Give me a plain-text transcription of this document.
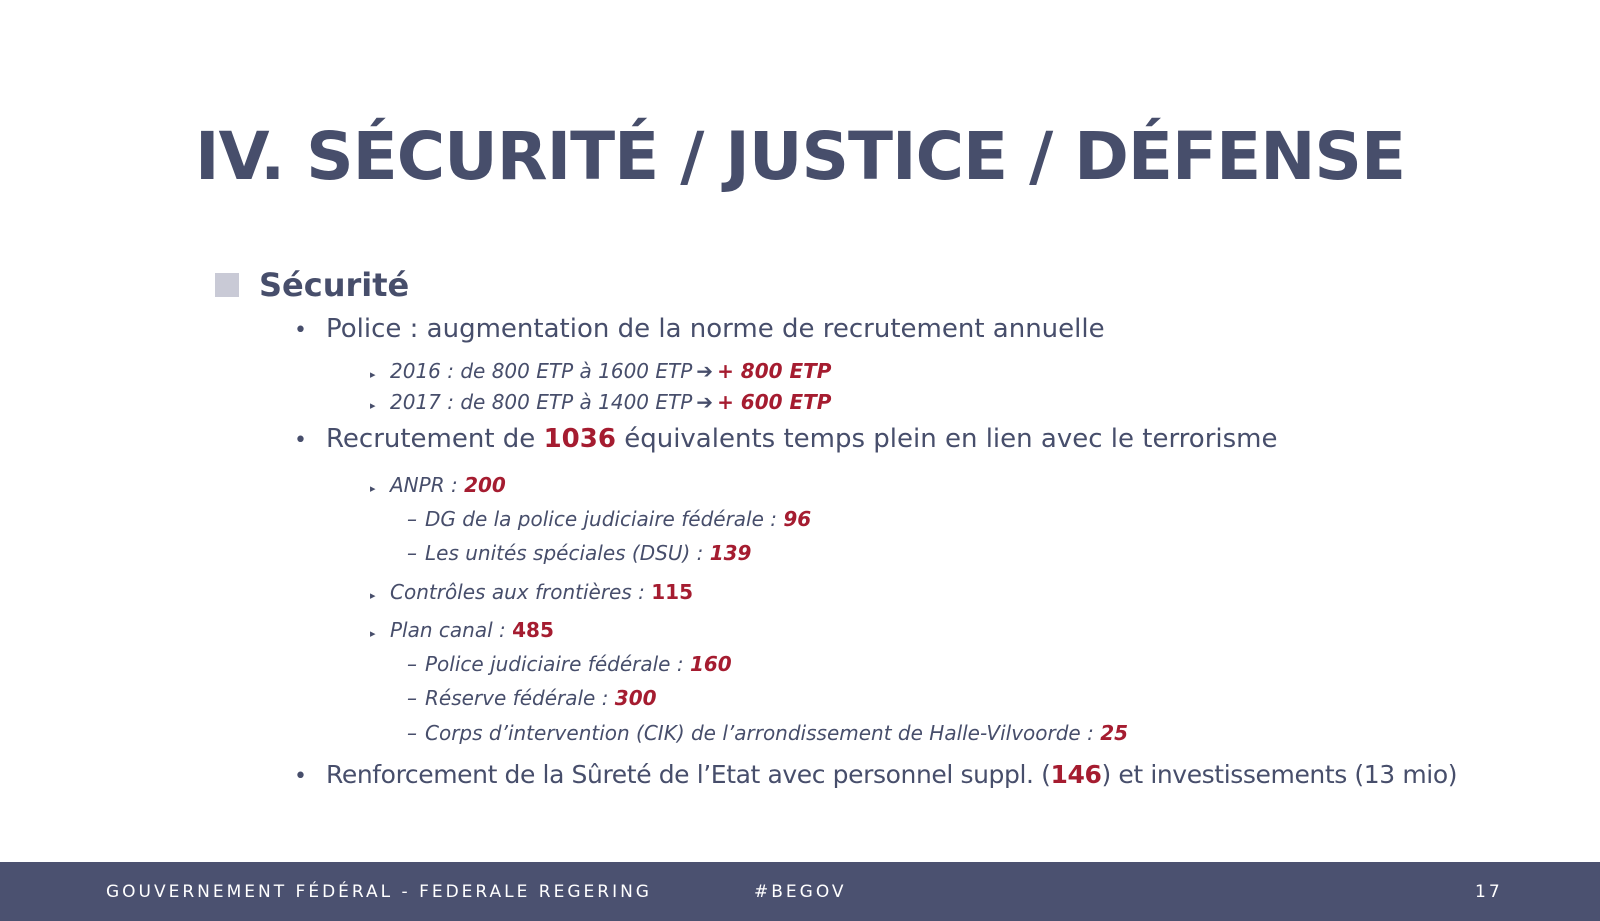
IV. SÉCURITÉ / JUSTICE / DÉFENSE
Sécurité
• Police : augmentation de la norme de recrutement annuelle
▸ 2016 : de 800 ETP à 1600 ETP ➔ + 800 ETP
▸ 2017 : de 800 ETP à 1400 ETP ➔ + 600 ETP
• Recrutement de 1036 équivalents temps plein en lien avec le terrorisme
▸ ANPR : 200
– DG de la police judiciaire fédérale : 96
– Les unités spéciales (DSU) : 139
▸ Contrôles aux frontières : 115
▸ Plan canal : 485
– Police judiciaire fédérale : 160
– Réserve fédérale : 300
– Corps d’intervention (CIK) de l’arrondissement de Halle-Vilvoorde : 25
• Renforcement de la Sûreté de l’Etat avec personnel suppl. (146) et investissements (13 mio)
GOUVERNEMENT FÉDÉRAL - FEDERALE REGERING	#BEGOV	17
